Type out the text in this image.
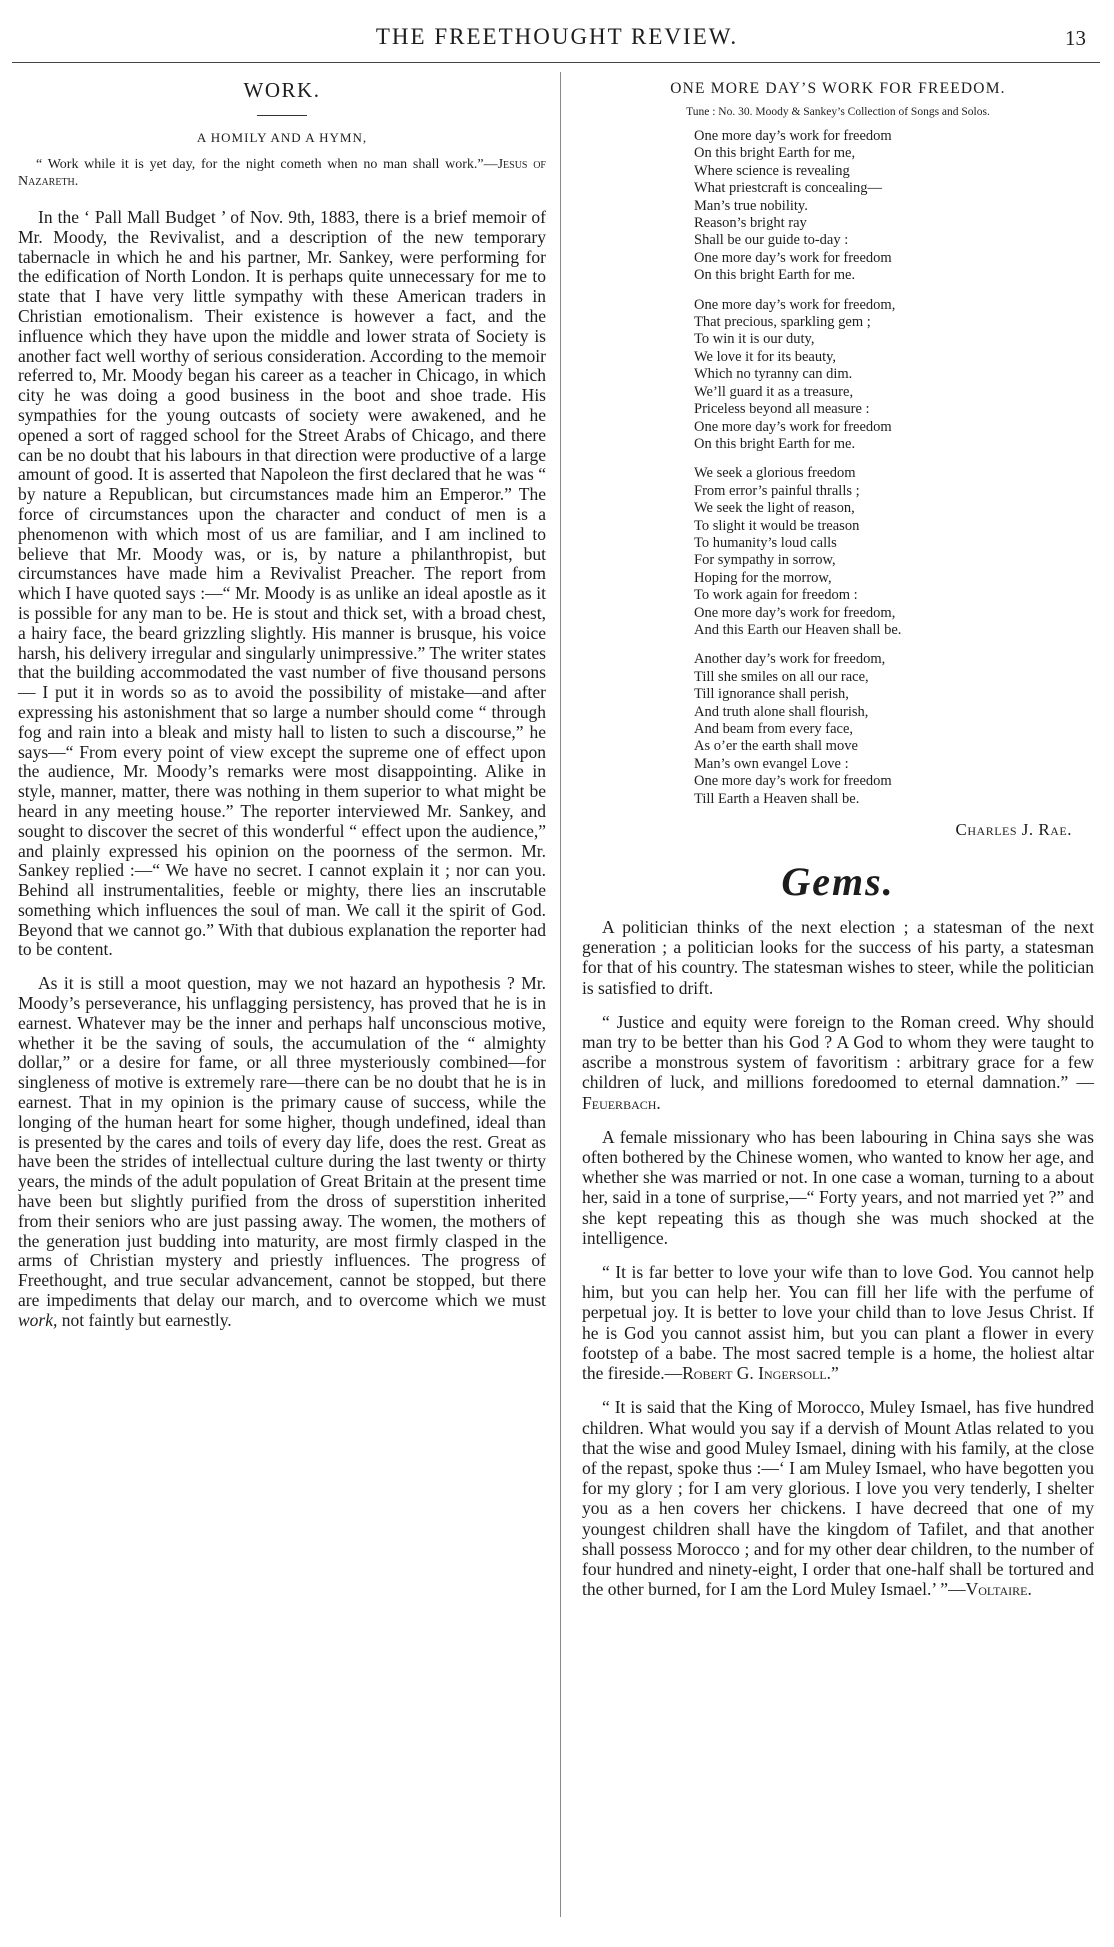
THE FREETHOUGHT REVIEW.	13
WORK.
A HOMILY AND A HYMN,

“ Work while it is yet day, for the night cometh when no man shall work.”—Jesus of Nazareth.

In the ‘ Pall Mall Budget ’ of Nov. 9th, 1883, there is a brief memoir of Mr. Moody, the Revivalist, and a description of the new temporary tabernacle in which he and his partner, Mr. Sankey, were performing for the edification of North London. It is perhaps quite unnecessary for me to state that I have very little sympathy with these American traders in Christian emotionalism. Their existence is however a fact, and the influence which they have upon the middle and lower strata of Society is another fact well worthy of serious consideration. According to the memoir referred to, Mr. Moody began his career as a teacher in Chicago, in which city he was doing a good business in the boot and shoe trade. His sympathies for the young outcasts of society were awakened, and he opened a sort of ragged school for the Street Arabs of Chicago, and there can be no doubt that his labours in that direction were productive of a large amount of good. It is asserted that Napoleon the first declared that he was “ by nature a Republican, but circumstances made him an Emperor.” The force of circumstances upon the character and conduct of men is a phenomenon with which most of us are familiar, and I am inclined to believe that Mr. Moody was, or is, by nature a philanthropist, but circumstances have made him a Revivalist Preacher. The report from which I have quoted says :—“ Mr. Moody is as unlike an ideal apostle as it is possible for any man to be. He is stout and thick set, with a broad chest, a hairy face, the beard grizzling slightly. His manner is brusque, his voice harsh, his delivery irregular and singularly unimpressive.” The writer states that the building accommodated the vast number of five thousand persons— I put it in words so as to avoid the possibility of mistake—and after expressing his astonishment that so large a number should come “ through fog and rain into a bleak and misty hall to listen to such a discourse,” he says—“ From every point of view except the supreme one of effect upon the audience, Mr. Moody’s remarks were most disappointing. Alike in style, manner, matter, there was nothing in them superior to what might be heard in any meeting house.” The reporter interviewed Mr. Sankey, and sought to discover the secret of this wonderful “ effect upon the audience,” and plainly expressed his opinion on the poorness of the sermon. Mr. Sankey replied :—“ We have no secret. I cannot explain it ; nor can you. Behind all instrumentalities, feeble or mighty, there lies an inscrutable something which influences the soul of man. We call it the spirit of God. Beyond that we cannot go.” With that dubious explanation the reporter had to be content.

As it is still a moot question, may we not hazard an hypothesis ? Mr. Moody’s perseverance, his unflagging persistency, has proved that he is in earnest. Whatever may be the inner and perhaps half unconscious motive, whether it be the saving of souls, the accumulation of the “ almighty dollar,” or a desire for fame, or all three mysteriously combined—for singleness of motive is extremely rare—there can be no doubt that he is in earnest. That in my opinion is the primary cause of success, while the longing of the human heart for some higher, though undefined, ideal than is presented by the cares and toils of every day life, does the rest. Great as have been the strides of intellectual culture during the last twenty or thirty years, the minds of the adult population of Great Britain at the present time have been but slightly purified from the dross of superstition inherited from their seniors who are just passing away. The women, the mothers of the generation just budding into maturity, are most firmly clasped in the arms of Christian mystery and priestly influences. The progress of Freethought, and true secular advancement, cannot be stopped, but there are impediments that delay our march, and to overcome which we must work, not faintly but earnestly.

ONE MORE DAY’S WORK FOR FREEDOM.
Tune : No. 30. Moody & Sankey’s Collection of Songs and Solos.
One more day’s work for freedom
On this bright Earth for me,
Where science is revealing
What priestcraft is concealing—
Man’s true nobility.
Reason’s bright ray
Shall be our guide to-day :
One more day’s work for freedom
On this bright Earth for me.
One more day’s work for freedom,
That precious, sparkling gem ;
To win it is our duty,
We love it for its beauty,
Which no tyranny can dim.
We’ll guard it as a treasure,
Priceless beyond all measure :
One more day’s work for freedom
On this bright Earth for me.
We seek a glorious freedom
From error’s painful thralls ;
We seek the light of reason,
To slight it would be treason
To humanity’s loud calls
For sympathy in sorrow,
Hoping for the morrow,
To work again for freedom :
One more day’s work for freedom,
And this Earth our Heaven shall be.
Another day’s work for freedom,
Till she smiles on all our race,
Till ignorance shall perish,
And truth alone shall flourish,
And beam from every face,
As o’er the earth shall move
Man’s own evangel Love :
One more day’s work for freedom
Till Earth a Heaven shall be.
Charles J. Rae.
Gems.

A politician thinks of the next election ; a statesman of the next generation ; a politician looks for the success of his party, a statesman for that of his country. The statesman wishes to steer, while the politician is satisfied to drift.

“ Justice and equity were foreign to the Roman creed. Why should man try to be better than his God ? A God to whom they were taught to ascribe a monstrous system of favoritism : arbitrary grace for a few children of luck, and millions foredoomed to eternal damnation.” —Feuerbach.

A female missionary who has been labouring in China says she was often bothered by the Chinese women, who wanted to know her age, and whether she was married or not. In one case a woman, turning to a about her, said in a tone of surprise,—“ Forty years, and not married yet ?” and she kept repeating this as though she was much shocked at the intelligence.

“ It is far better to love your wife than to love God. You cannot help him, but you can help her. You can fill her life with the perfume of perpetual joy. It is better to love your child than to love Jesus Christ. If he is God you cannot assist him, but you can plant a flower in every footstep of a babe. The most sacred temple is a home, the holiest altar the fireside.—Robert G. Ingersoll.”

“ It is said that the King of Morocco, Muley Ismael, has five hundred children. What would you say if a dervish of Mount Atlas related to you that the wise and good Muley Ismael, dining with his family, at the close of the repast, spoke thus :—‘ I am Muley Ismael, who have begotten you for my glory ; for I am very glorious. I love you very tenderly, I shelter you as a hen covers her chickens. I have decreed that one of my youngest children shall have the kingdom of Tafilet, and that another shall possess Morocco ; and for my other dear children, to the number of four hundred and ninety-eight, I order that one-half shall be tortured and the other burned, for I am the Lord Muley Ismael.’ ”—Voltaire.
